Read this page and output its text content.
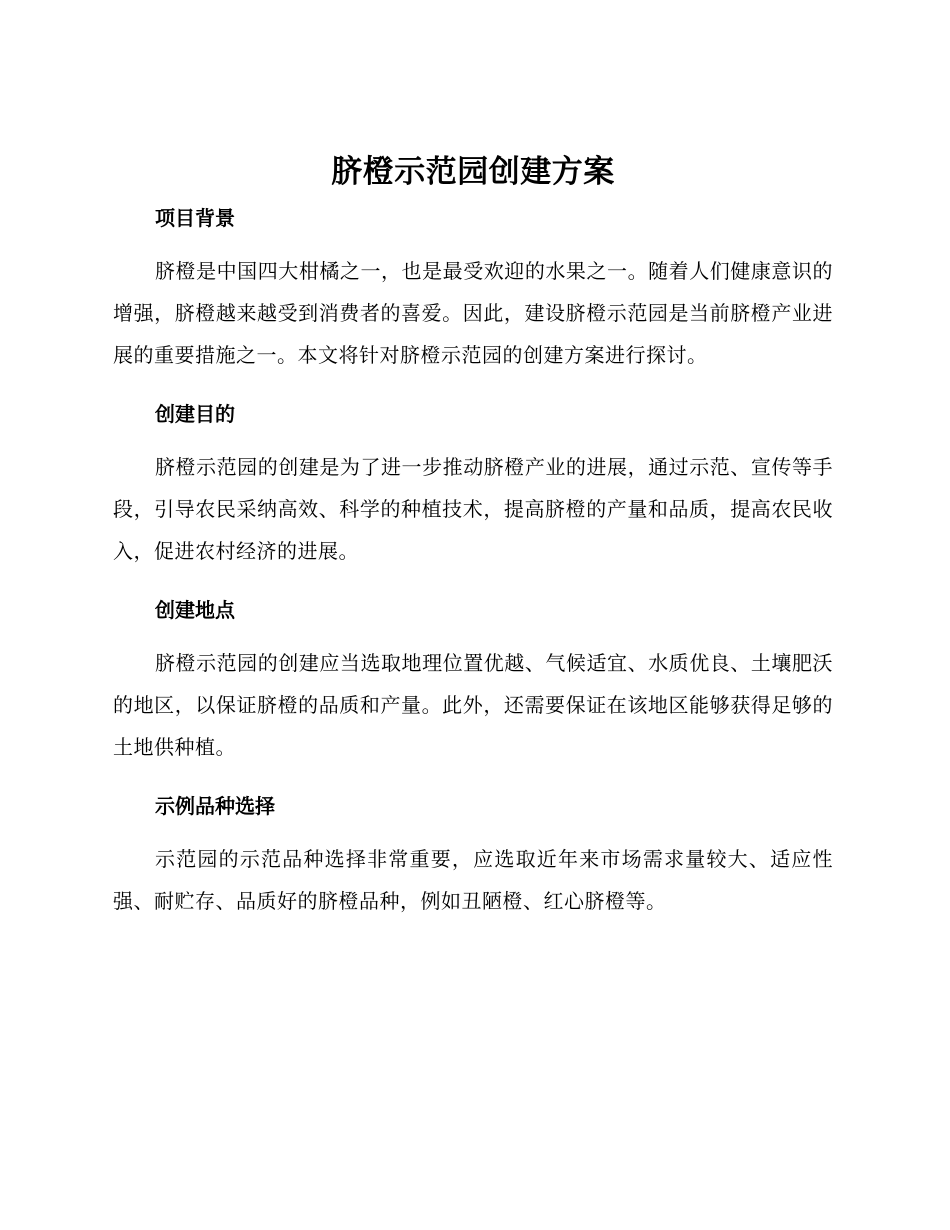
脐橙示范园创建方案
项目背景

脐橙是中国四大柑橘之一，也是最受欢迎的水果之一。随着人们健康意识的增强，脐橙越来越受到消费者的喜爱。因此，建设脐橙示范园是当前脐橙产业进展的重要措施之一。本文将针对脐橙示范园的创建方案进行探讨。

创建目的

脐橙示范园的创建是为了进一步推动脐橙产业的进展，通过示范、宣传等手段，引导农民采纳高效、科学的种植技术，提高脐橙的产量和品质，提高农民收入，促进农村经济的进展。

创建地点

脐橙示范园的创建应当选取地理位置优越、气候适宜、水质优良、土壤肥沃的地区，以保证脐橙的品质和产量。此外，还需要保证在该地区能够获得足够的土地供种植。

示例品种选择

示范园的示范品种选择非常重要，应选取近年来市场需求量较大、适应性强、耐贮存、品质好的脐橙品种，例如丑陋橙、红心脐橙等。
